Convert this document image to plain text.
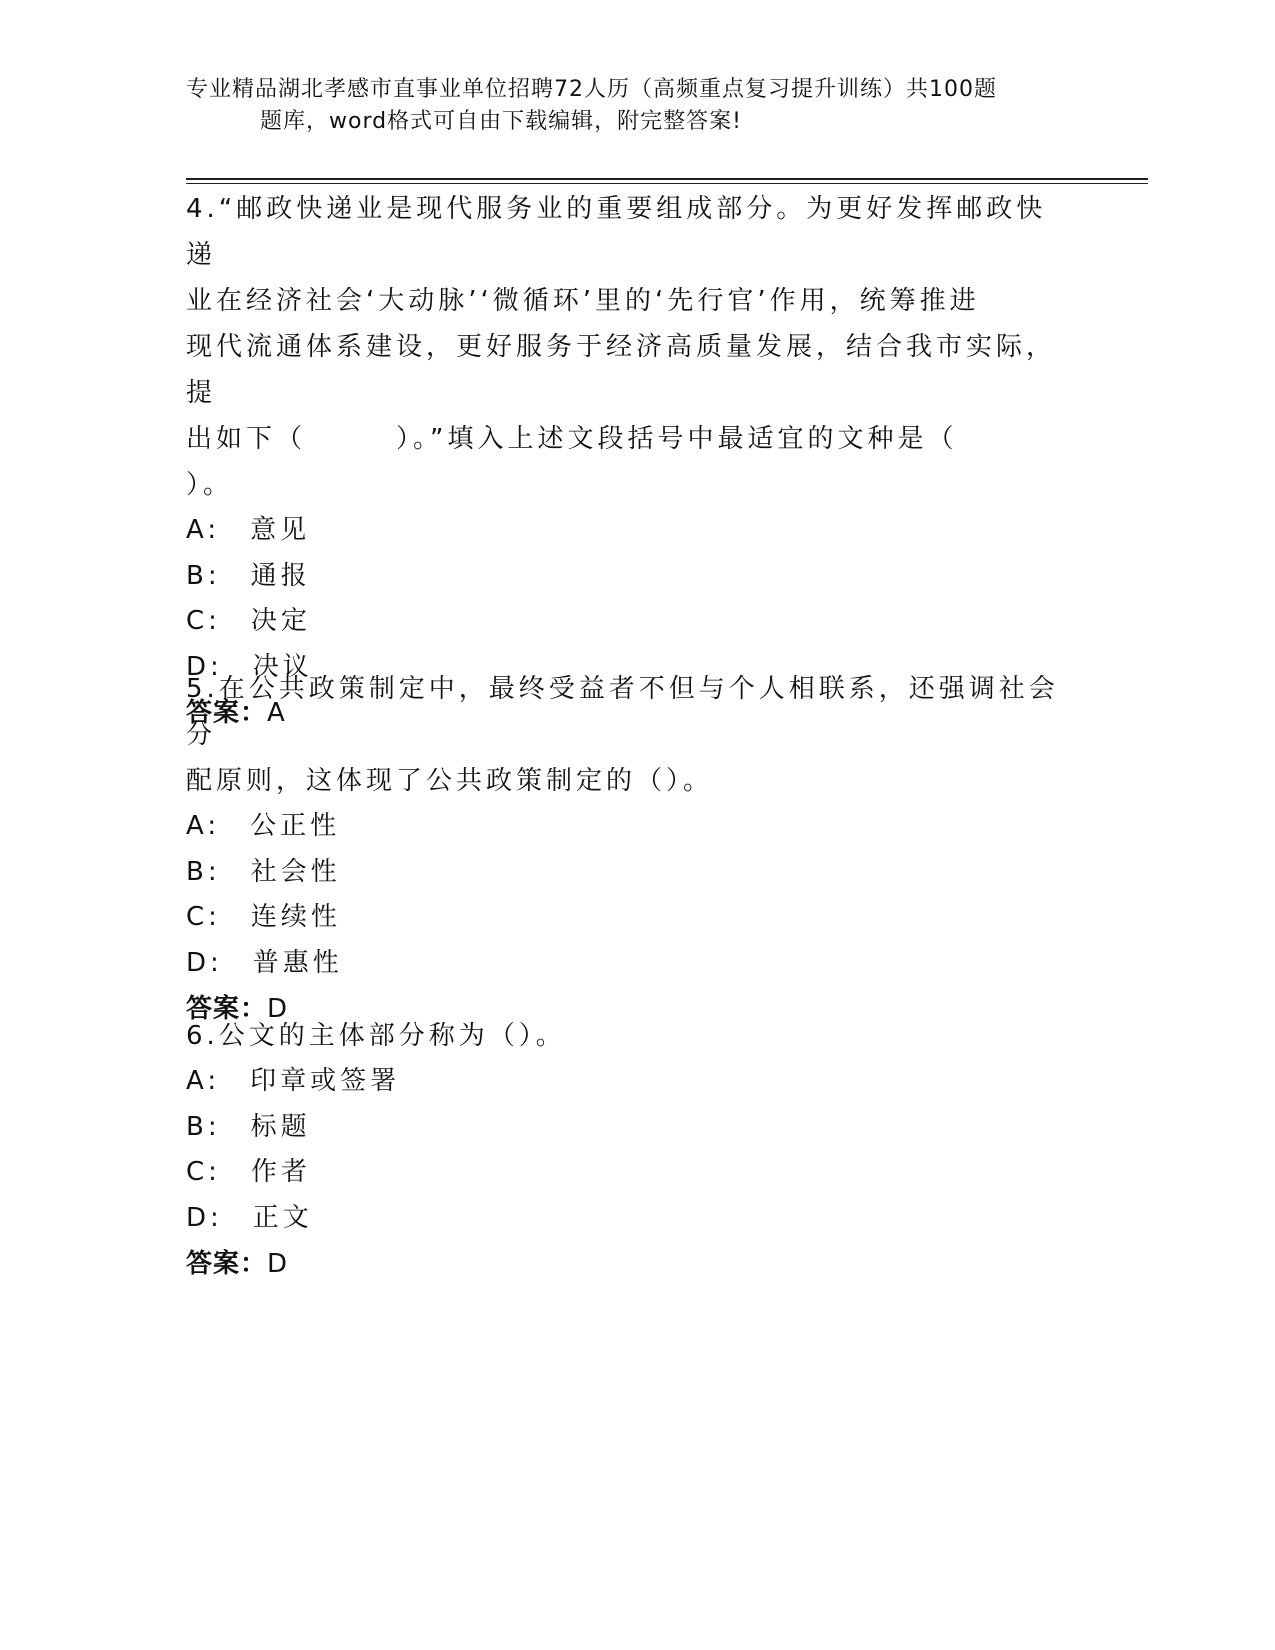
专业精品湖北孝感市直事业单位招聘72人历（高频重点复习提升训练）共100题
题库，word格式可自由下载编辑，附完整答案!

4.“邮政快递业是现代服务业的重要组成部分。为更好发挥邮政快递

业在经济社会‘大动脉’‘微循环’里的‘先行官’作用，统筹推进

现代流通体系建设，更好服务于经济高质量发展，结合我市实际，提

出如下（　　　）。”填入上述文段括号中最适宜的文种是（

）。

A:　意见

B:　通报

C:　决定

D:　决议

答案：A

5.在公共政策制定中，最终受益者不但与个人相联系，还强调社会分

配原则，这体现了公共政策制定的（）。

A:　公正性

B:　社会性

C:　连续性

D:　普惠性

答案：D

6.公文的主体部分称为（）。

A:　印章或签署

B:　标题

C:　作者

D:　正文

答案：D
